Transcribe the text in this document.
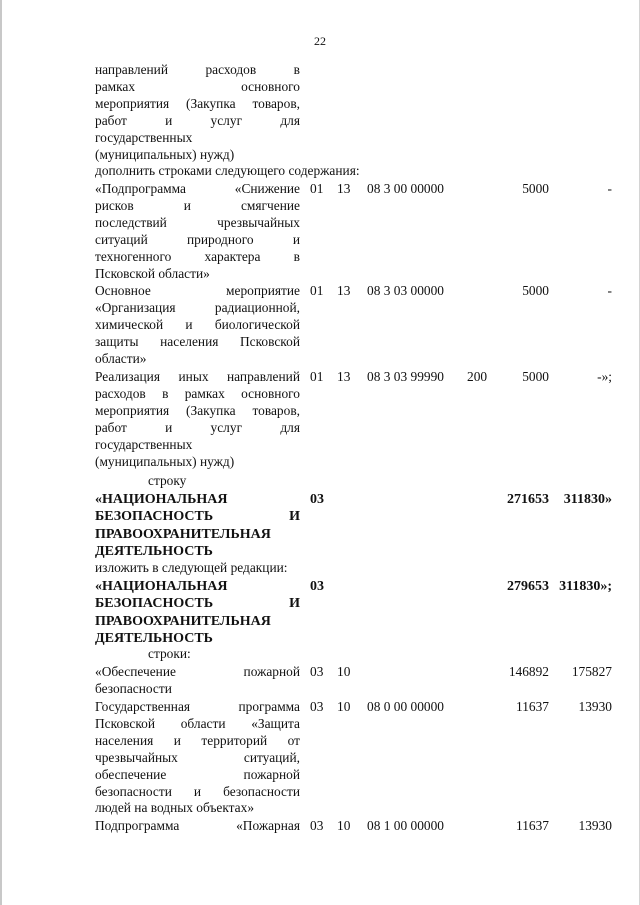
22
направлений расходов в
рамках основного
мероприятия (Закупка товаров,
работ и услуг для
государственных
(муниципальных) нужд)
дополнить строками следующего содержания:
«Подпрограмма «Снижение
рисков и смягчение
последствий чрезвычайных
ситуаций природного и
техногенного характера в
Псковской области»
01 13 08 3 00 00000	5000	-
Основное мероприятие
«Организация радиационной,
химической и биологической
защиты населения Псковской
области»
01 13 08 3 03 00000	5000	-
Реализация иных направлений
расходов в рамках основного
мероприятия (Закупка товаров,
работ и услуг для
государственных
(муниципальных) нужд)
01 13 08 3 03 99990 200	5000	-»;
строку
«НАЦИОНАЛЬНАЯ
БЕЗОПАСНОСТЬ И
ПРАВООХРАНИТЕЛЬНАЯ
ДЕЯТЕЛЬНОСТЬ
03	271653 311830»
изложить в следующей редакции:
«НАЦИОНАЛЬНАЯ
БЕЗОПАСНОСТЬ И
ПРАВООХРАНИТЕЛЬНАЯ
ДЕЯТЕЛЬНОСТЬ
03	279653 311830»;
строки:
«Обеспечение пожарной
безопасности
03 10	146892 175827
Государственная программа
Псковской области «Защита
населения и территорий от
чрезвычайных ситуаций,
обеспечение пожарной
безопасности и безопасности
людей на водных объектах»
03 10 08 0 00 00000	11637 13930
Подпрограмма «Пожарная 03 10 08 1 00 00000	11637 13930
